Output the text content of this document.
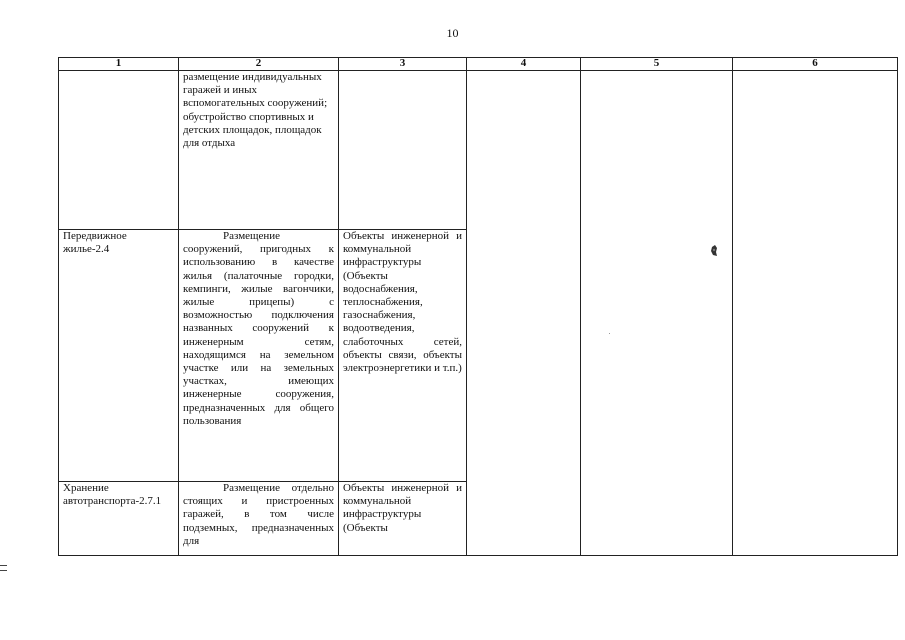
10
1	2	3	4	5	6
	размещение индивидуальных гаражей и иных вспомогательных сооружений; обустройство спортивных и детских площадок, площадок для отдыха				
Передвижное жилье-2.4	Размещение сооружений, пригодных к использованию в качестве жилья (палаточные городки, кемпинги, жилые вагончики, жилые прицепы) с возможностью подключения названных сооружений к инженерным сетям, находящимся на земельном участке или на земельных участках, имеющих инженерные сооружения, предназначенных для общего пользования	Объекты инженерной и коммунальной инфраструктуры (Объекты водоснабжения, теплоснабжения, газоснабжения, водоотведения, слаботочных сетей, объекты связи, объекты электроэнергетики и т.п.)			
Хранение автотранспорта-2.7.1	Размещение отдельно стоящих и пристроенных гаражей, в том числе подземных, предназначенных для	Объекты инженерной и коммунальной инфраструктуры (Объекты			
